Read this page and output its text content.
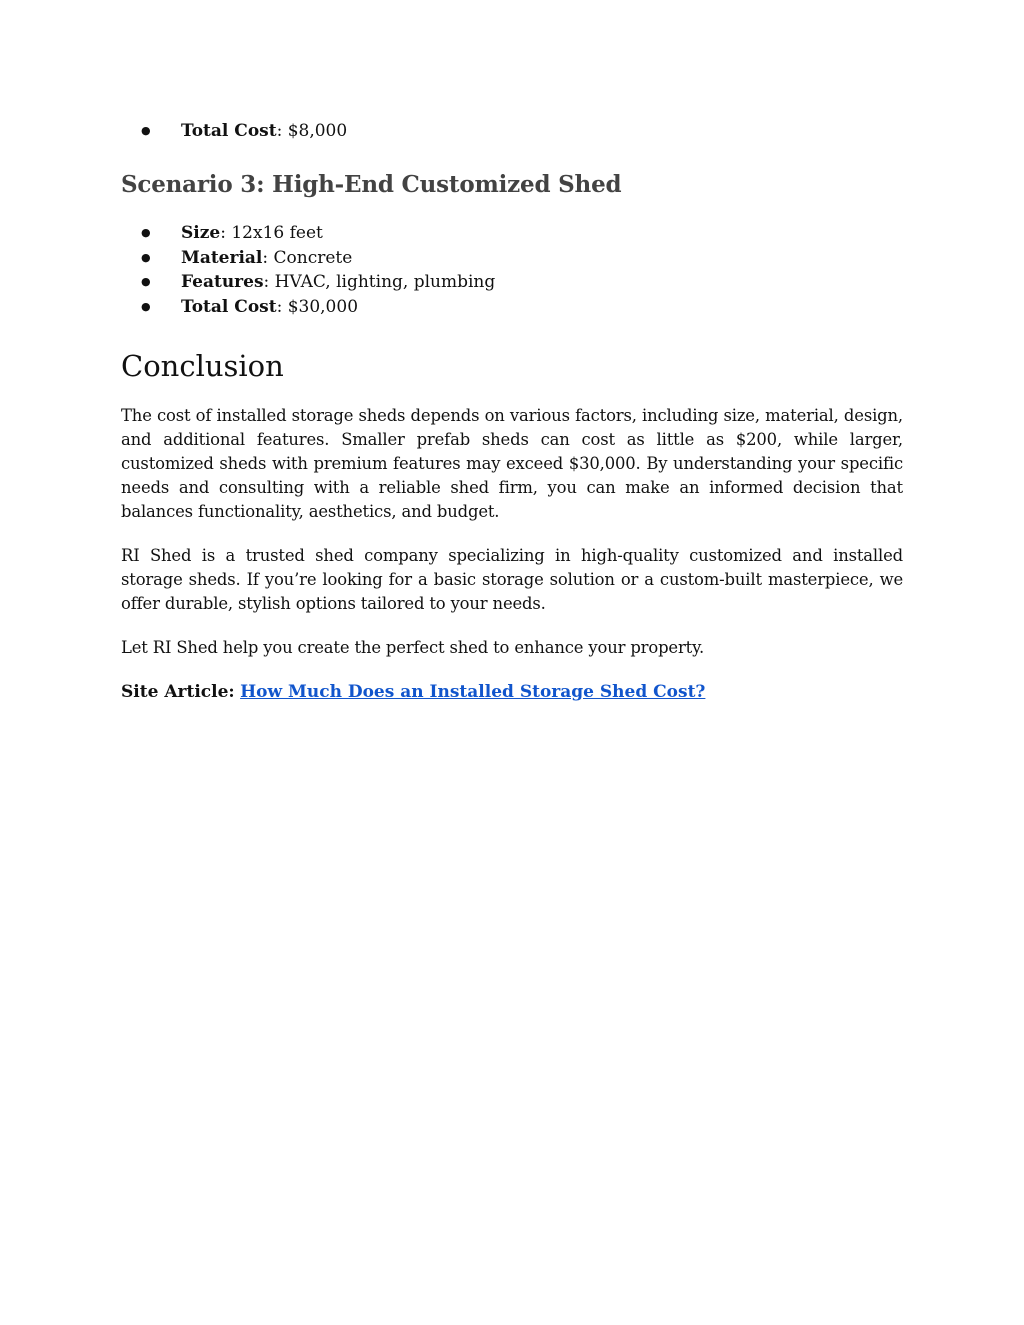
● Total Cost: $8,000
Scenario 3: High-End Customized Shed
● Size: 12x16 feet
● Material: Concrete
● Features: HVAC, lighting, plumbing
● Total Cost: $30,000
Conclusion

The cost of installed storage sheds depends on various factors, including size, material, design, and additional features. Smaller prefab sheds can cost as little as $200, while larger, customized sheds with premium features may exceed $30,000. By understanding your specific needs and consulting with a reliable shed firm, you can make an informed decision that balances functionality, aesthetics, and budget.

RI Shed is a trusted shed company specializing in high-quality customized and installed storage sheds. If you’re looking for a basic storage solution or a custom-built masterpiece, we offer durable, stylish options tailored to your needs.

Let RI Shed help you create the perfect shed to enhance your property.

Site Article: How Much Does an Installed Storage Shed Cost?
